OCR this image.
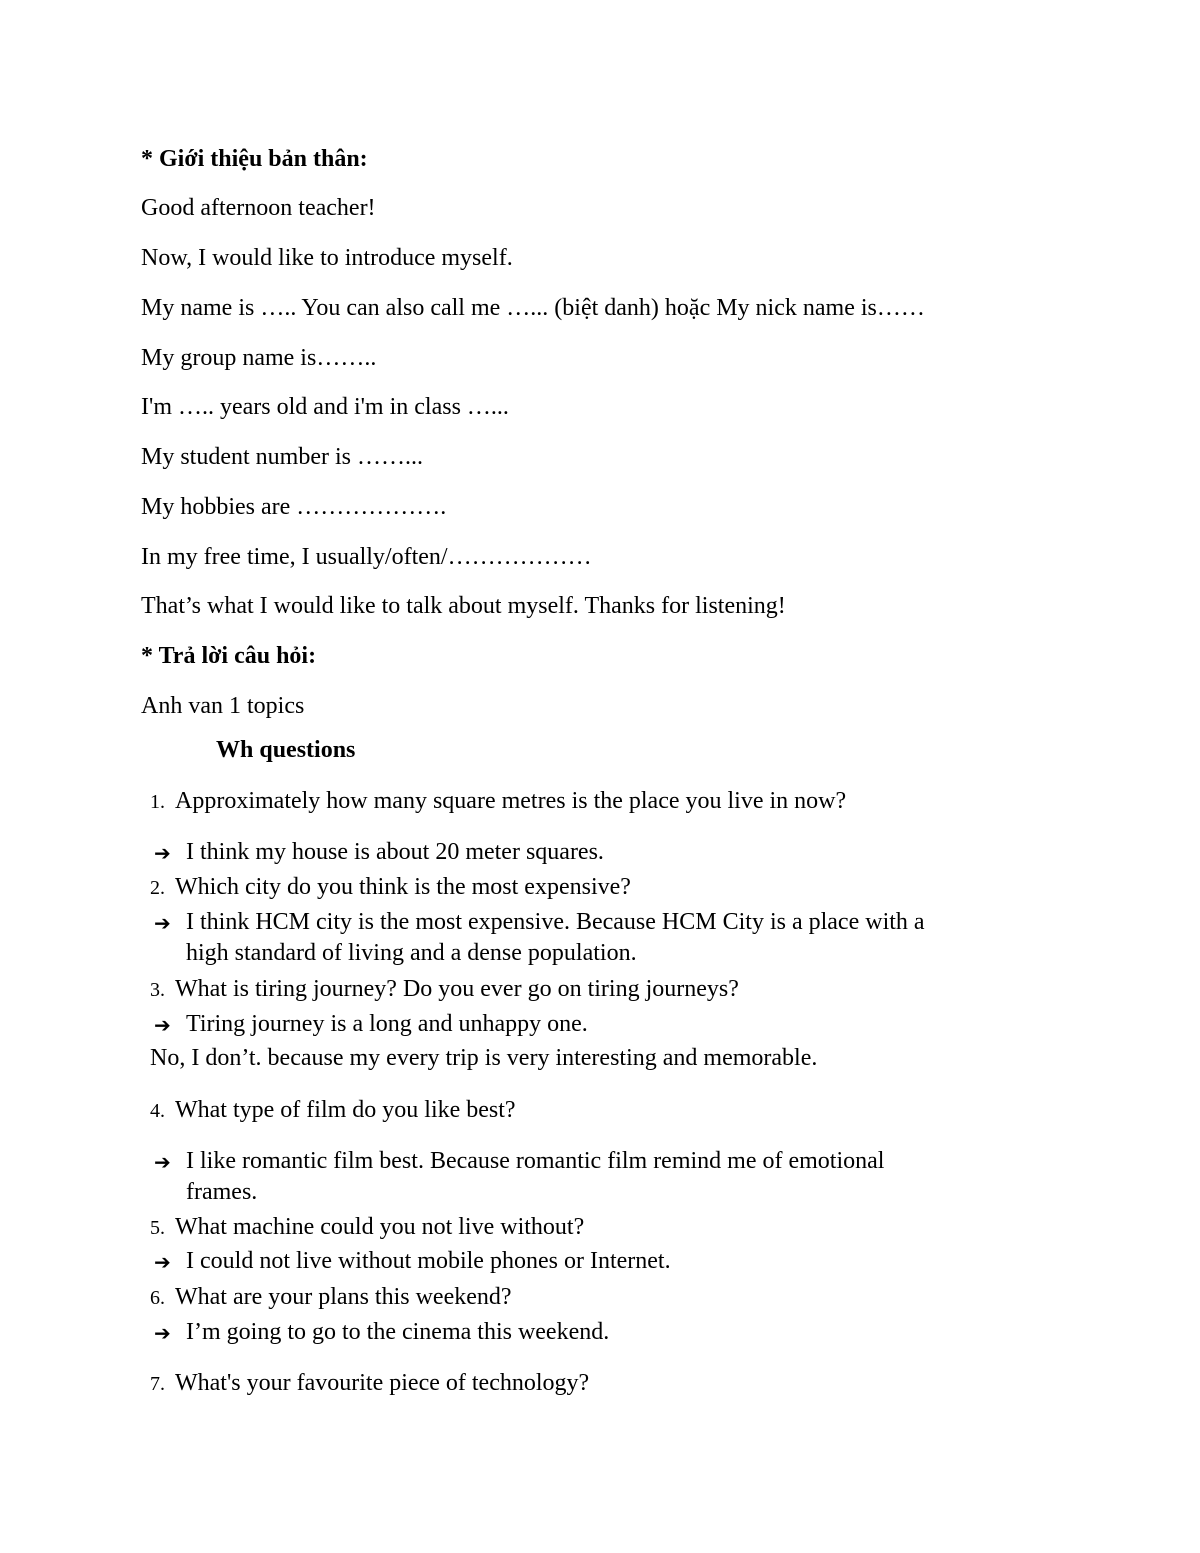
* Giới thiệu bản thân:
Good afternoon teacher!
Now, I would like to introduce myself.
My name is ….. You can also call me …... (biệt danh) hoặc My nick name is……
My group name is……..
I'm ….. years old and i'm in class …...
My student number is ……...
My hobbies are ……………….
In my free time, I usually/often/………………
That’s what I would like to talk about myself. Thanks for listening!
* Trả lời câu hỏi:
Anh van 1 topics
Wh questions
1. Approximately how many square metres is the place you live in now?
➔ I think my house is about 20 meter squares.
2. Which city do you think is the most expensive?
➔ I think HCM city is the most expensive. Because HCM City is a place with a
high standard of living and a dense population.
3. What is tiring journey? Do you ever go on tiring journeys?
➔ Tiring journey is a long and unhappy one.
No, I don’t. because my every trip is very interesting and memorable.
4. What type of film do you like best?
➔ I like romantic film best. Because romantic film remind me of emotional
frames.
5. What machine could you not live without?
➔ I could not live without mobile phones or Internet.
6. What are your plans this weekend?
➔ I’m going to go to the cinema this weekend.
7. What's your favourite piece of technology?
